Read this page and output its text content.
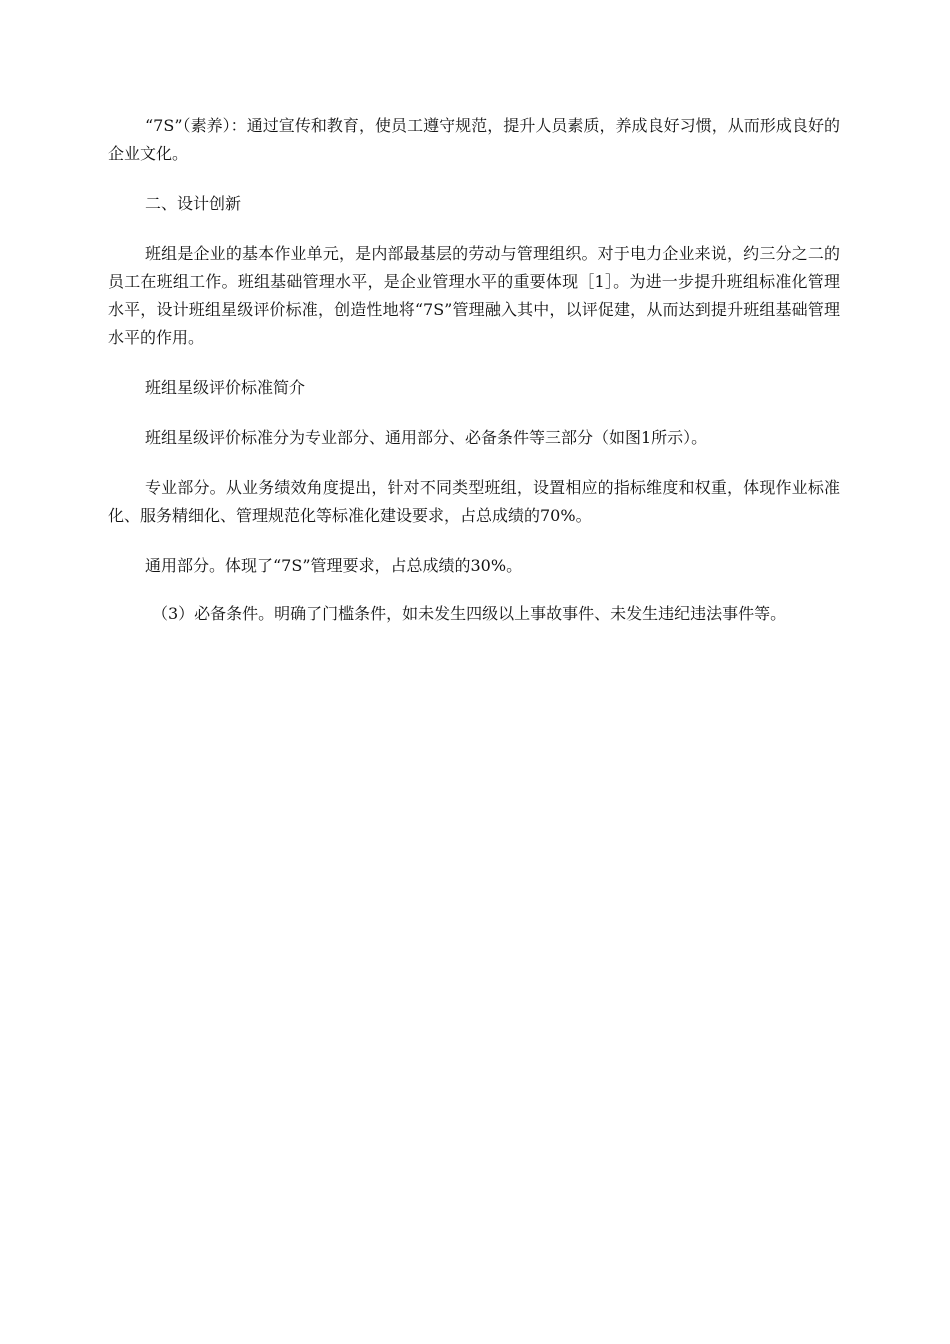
“7S”（素养）：通过宣传和教育，使员工遵守规范，提升人员素质，养成良好习惯，从而形成良好的企业文化。

二、设计创新

班组是企业的基本作业单元，是内部最基层的劳动与管理组织。对于电力企业来说，约三分之二的员工在班组工作。班组基础管理水平，是企业管理水平的重要体现［1］。为进一步提升班组标准化管理水平，设计班组星级评价标准，创造性地将“7S”管理融入其中，以评促建，从而达到提升班组基础管理水平的作用。

班组星级评价标准简介

班组星级评价标准分为专业部分、通用部分、必备条件等三部分（如图1所示）。

专业部分。从业务绩效角度提出，针对不同类型班组，设置相应的指标维度和权重，体现作业标准化、服务精细化、管理规范化等标准化建设要求，占总成绩的70%。

通用部分。体现了“7S”管理要求，占总成绩的30%。

（3）必备条件。明确了门槛条件，如未发生四级以上事故事件、未发生违纪违法事件等。
